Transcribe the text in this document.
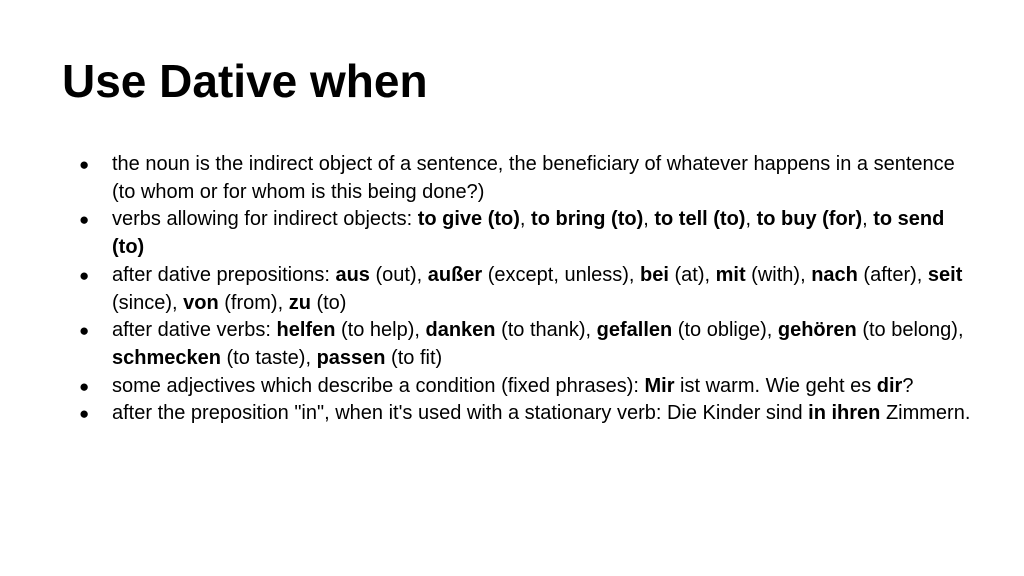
Use Dative when
● the noun is the indirect object of a sentence, the beneficiary of whatever happens in a sentence (to whom or for whom is this being done?)
● verbs allowing for indirect objects: to give (to), to bring (to), to tell (to), to buy (for), to send (to)
● after dative prepositions: aus (out), außer (except, unless), bei (at), mit (with), nach (after), seit (since), von (from), zu (to)
● after dative verbs: helfen (to help), danken (to thank), gefallen (to oblige), gehören (to belong), schmecken (to taste), passen (to fit)
● some adjectives which describe a condition (fixed phrases): Mir ist warm. Wie geht es dir?
● after the preposition "in", when it's used with a stationary verb: Die Kinder sind in ihren Zimmern.
